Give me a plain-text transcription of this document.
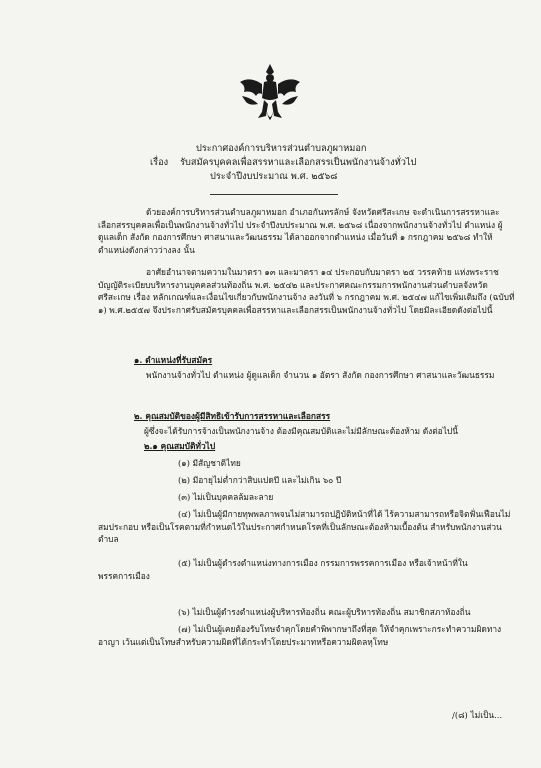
ประกาศองค์การบริหารส่วนตำบลภูผาหมอก
เรื่อง รับสมัครบุคคลเพื่อสรรหาและเลือกสรรเป็นพนักงานจ้างทั่วไป
ประจำปีงบประมาณ พ.ศ. ๒๕๖๘
ด้วยองค์การบริหารส่วนตำบลภูผาหมอก อำเภอกันทรลักษ์ จังหวัดศรีสะเกษ จะดำเนินการสรรหาและเลือกสรรบุคคลเพื่อเป็นพนักงานจ้างทั่วไป ประจำปีงบประมาณ พ.ศ. ๒๕๖๘ เนื่องจากพนักงานจ้างทั่วไป ตำแหน่ง ผู้ดูแลเด็ก สังกัด กองการศึกษา ศาสนาและวัฒนธรรม ได้ลาออกจากตำแหน่ง เมื่อวันที่ ๑ กรกฎาคม ๒๕๖๘ ทำให้ตำแหน่งดังกล่าวว่างลง นั้น
อาศัยอำนาจตามความในมาตรา ๑๓ และมาตรา ๑๔ ประกอบกับมาตรา ๒๕ วรรคท้าย แห่งพระราชบัญญัติระเบียบบริหารงานบุคคลส่วนท้องถิ่น พ.ศ. ๒๕๔๒ และประกาศคณะกรรมการพนักงานส่วนตำบลจังหวัดศรีสะเกษ เรื่อง หลักเกณฑ์และเงื่อนไขเกี่ยวกับพนักงานจ้าง ลงวันที่ ๖ กรกฎาคม พ.ศ. ๒๕๔๗ แก้ไขเพิ่มเติมถึง (ฉบับที่ ๑) พ.ศ.๒๕๕๗ จึงประกาศรับสมัครบุคคลเพื่อสรรหาและเลือกสรรเป็นพนักงานจ้างทั่วไป โดยมีละเอียดดังต่อไปนี้
๑. ตำแหน่งที่รับสมัคร
พนักงานจ้างทั่วไป ตำแหน่ง ผู้ดูแลเด็ก จำนวน ๑ อัตรา สังกัด กองการศึกษา ศาสนาและวัฒนธรรม
๒. คุณสมบัติของผู้มีสิทธิเข้ารับการสรรหาและเลือกสรร
ผู้ซึ่งจะได้รับการจ้างเป็นพนักงานจ้าง ต้องมีคุณสมบัติและไม่มีลักษณะต้องห้าม ดังต่อไปนี้
๒.๑ คุณสมบัติทั่วไป
(๑) มีสัญชาติไทย
(๒) มีอายุไม่ต่ำกว่าสิบแปดปี และไม่เกิน ๖๐ ปี
(๓) ไม่เป็นบุคคลล้มละลาย
(๔) ไม่เป็นผู้มีกายทุพพลภาพจนไม่สามารถปฏิบัติหน้าที่ได้ ไร้ความสามารถหรือจิตฟั่นเฟือนไม่สมประกอบ หรือเป็นโรคตามที่กำหนดไว้ในประกาศกำหนดโรคที่เป็นลักษณะต้องห้ามเบื้องต้น สำหรับพนักงานส่วนตำบล
(๕) ไม่เป็นผู้ดำรงตำแหน่งทางการเมือง กรรมการพรรคการเมือง หรือเจ้าหน้าที่ในพรรคการเมือง
(๖) ไม่เป็นผู้ดำรงตำแหน่งผู้บริหารท้องถิ่น คณะผู้บริหารท้องถิ่น สมาชิกสภาท้องถิ่น
(๗) ไม่เป็นผู้เคยต้องรับโทษจำคุกโดยคำพิพากษาถึงที่สุด ให้จำคุกเพราะกระทำความผิดทางอาญา เว้นแต่เป็นโทษสำหรับความผิดที่ได้กระทำโดยประมาทหรือความผิดลหุโทษ
/(๘) ไม่เป็น...
